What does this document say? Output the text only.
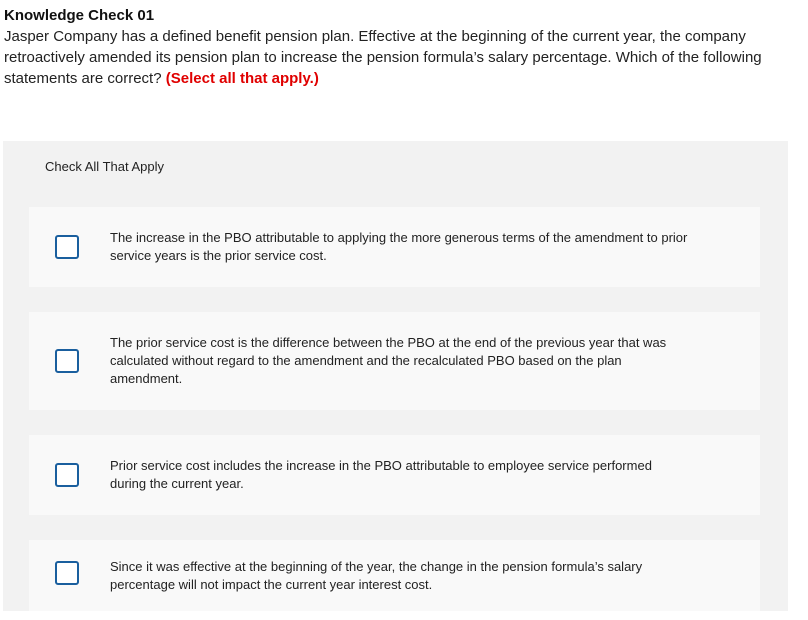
Knowledge Check 01

Jasper Company has a defined benefit pension plan. Effective at the beginning of the current year, the company retroactively amended its pension plan to increase the pension formula’s salary percentage. Which of the following statements are correct? (Select all that apply.)

Check All That Apply
The increase in the PBO attributable to applying the more generous terms of the amendment to prior service years is the prior service cost.
The prior service cost is the difference between the PBO at the end of the previous year that was calculated without regard to the amendment and the recalculated PBO based on the plan amendment.
Prior service cost includes the increase in the PBO attributable to employee service performed during the current year.
Since it was effective at the beginning of the year, the change in the pension formula’s salary percentage will not impact the current year interest cost.
